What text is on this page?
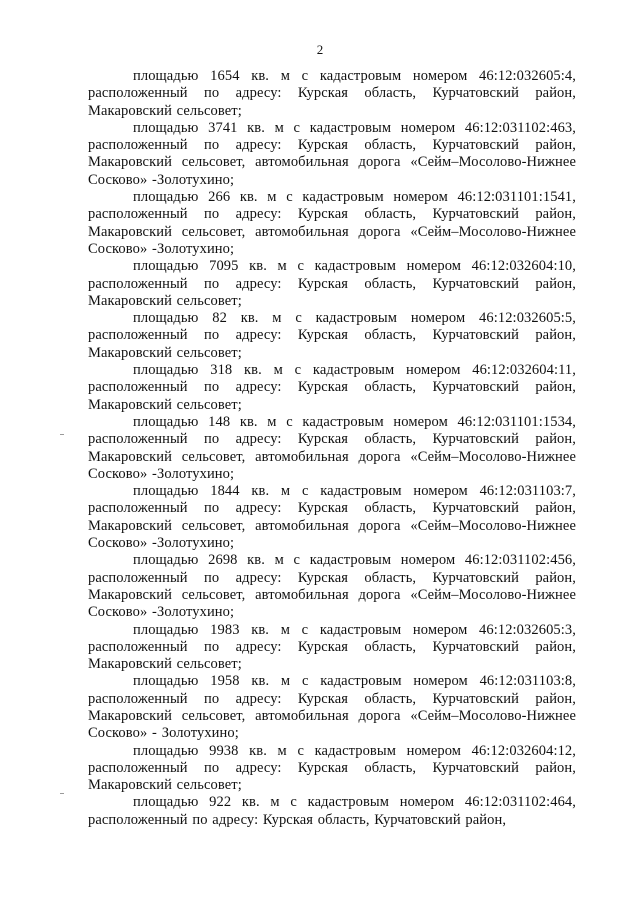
2

площадью 1654 кв. м с кадастровым номером 46:12:032605:4, расположенный по адресу: Курская область, Курчатовский район, Макаровский сельсовет;

площадью 3741 кв. м с кадастровым номером 46:12:031102:463, расположенный по адресу: Курская область, Курчатовский район, Макаровский сельсовет, автомобильная дорога «Сейм–Мосолово-Нижнее Сосково» -Золотухино;

площадью 266 кв. м с кадастровым номером 46:12:031101:1541, расположенный по адресу: Курская область, Курчатовский район, Макаровский сельсовет, автомобильная дорога «Сейм–Мосолово-Нижнее Сосково» -Золотухино;

площадью 7095 кв. м с кадастровым номером 46:12:032604:10, расположенный по адресу: Курская область, Курчатовский район, Макаровский сельсовет;

площадью 82 кв. м с кадастровым номером 46:12:032605:5, расположенный по адресу: Курская область, Курчатовский район, Макаровский сельсовет;

площадью 318 кв. м с кадастровым номером 46:12:032604:11, расположенный по адресу: Курская область, Курчатовский район, Макаровский сельсовет;

площадью 148 кв. м с кадастровым номером 46:12:031101:1534, расположенный по адресу: Курская область, Курчатовский район, Макаровский сельсовет, автомобильная дорога «Сейм–Мосолово-Нижнее Сосково» -Золотухино;

площадью 1844 кв. м с кадастровым номером 46:12:031103:7, расположенный по адресу: Курская область, Курчатовский район, Макаровский сельсовет, автомобильная дорога «Сейм–Мосолово-Нижнее Сосково» -Золотухино;

площадью 2698 кв. м с кадастровым номером 46:12:031102:456, расположенный по адресу: Курская область, Курчатовский район, Макаровский сельсовет, автомобильная дорога «Сейм–Мосолово-Нижнее Сосково» -Золотухино;

площадью 1983 кв. м с кадастровым номером 46:12:032605:3, расположенный по адресу: Курская область, Курчатовский район, Макаровский сельсовет;

площадью 1958 кв. м с кадастровым номером 46:12:031103:8, расположенный по адресу: Курская область, Курчатовский район, Макаровский сельсовет, автомобильная дорога «Сейм–Мосолово-Нижнее Сосково» - Золотухино;

площадью 9938 кв. м с кадастровым номером 46:12:032604:12, расположенный по адресу: Курская область, Курчатовский район, Макаровский сельсовет;

площадью 922 кв. м с кадастровым номером 46:12:031102:464, расположенный по адресу: Курская область, Курчатовский район,
